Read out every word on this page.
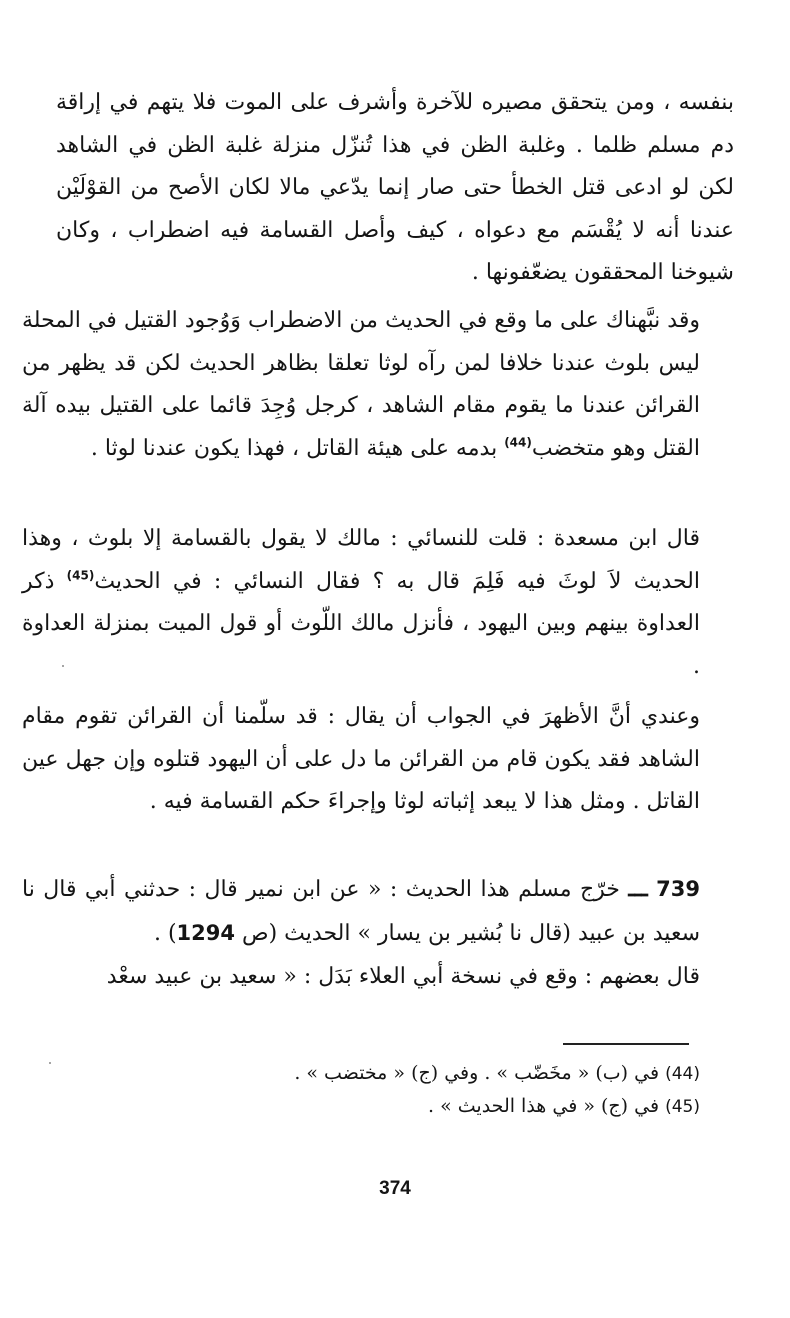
بنفسه ، ومن يتحقق مصيره للآخرة وأشرف على الموت فلا يتهم في إراقة دم مسلم ظلما . وغلبة الظن في هذا تُنزّل منزلة غلبة الظن في الشاهد لكن لو ادعى قتل الخطأ حتى صار إنما يدّعي مالا لكان الأصح من القوْلَيْن عندنا أنه لا يُقْسَم مع دعواه ، كيف وأصل القسامة فيه اضطراب ، وكان شيوخنا المحققون يضعّفونها .

وقد نبَّهناك على ما وقع في الحديث من الاضطراب وَوُجود القتيل في المحلة ليس بلوث عندنا خلافا لمن رآه لوثا تعلقا بظاهر الحديث لكن قد يظهر من القرائن عندنا ما يقوم مقام الشاهد ، كرجل وُجِدَ قائما على القتيل بيده آلة القتل وهو متخضب$^{(44)}$ بدمه على هيئة القاتل ، فهذا يكون عندنا لوثا .

قال ابن مسعدة : قلت للنسائي : مالك لا يقول بالقسامة إلا بلوث ، وهذا الحديث لاَ لوثَ فيه فَلِمَ قال به ؟ فقال النسائي : في الحديث$^{(45)}$ ذكر العداوة بينهم وبين اليهود ، فأنزل مالك اللّوث أو قول الميت بمنزلة العداوة .

وعندي أنَّ الأظهرَ في الجواب أن يقال : قد سلّمنا أن القرائن تقوم مقام الشاهد فقد يكون قام من القرائن ما دل على أن اليهود قتلوه وإن جهل عين القاتل . ومثل هذا لا يبعد إثباته لوثا وإجراءَ حكم القسامة فيه .

739 ـــ خرّج مسلم هذا الحديث : « عن ابن نمير قال : حدثني أبي قال نا سعيد بن عبيد (قال نا بُشير بن يسار » الحديث (ص 1294) .

قال بعضهم : وقع في نسخة أبي العلاء بَدَل : « سعيد بن عبيد سعْد

(44) في (ب) « مخَضّب » . وفي (ج) « مختضب » .
(45) في (ج) « في هذا الحديث » .
374
